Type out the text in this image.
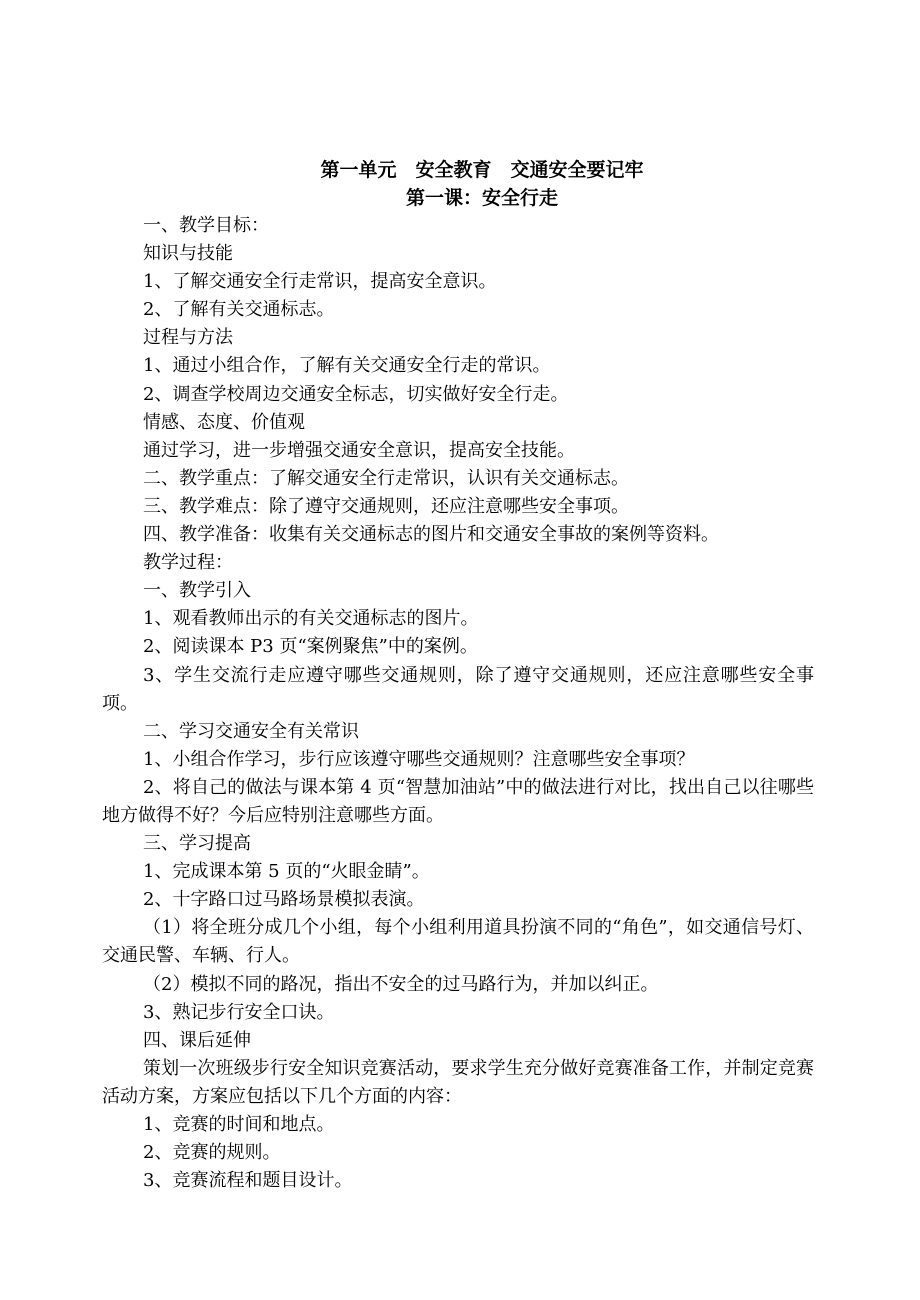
第一单元　安全教育　交通安全要记牢
第一课：安全行走

一、教学目标：

知识与技能

1、了解交通安全行走常识，提高安全意识。

2、了解有关交通标志。

过程与方法

1、通过小组合作，了解有关交通安全行走的常识。

2、调查学校周边交通安全标志，切实做好安全行走。

情感、态度、价值观

通过学习，进一步增强交通安全意识，提高安全技能。

二、教学重点：了解交通安全行走常识，认识有关交通标志。

三、教学难点：除了遵守交通规则，还应注意哪些安全事项。

四、教学准备：收集有关交通标志的图片和交通安全事故的案例等资料。

教学过程：

一、教学引入

1、观看教师出示的有关交通标志的图片。

2、阅读课本 P3 页“案例聚焦”中的案例。

3、学生交流行走应遵守哪些交通规则，除了遵守交通规则，还应注意哪些安全事项。

二、学习交通安全有关常识

1、小组合作学习，步行应该遵守哪些交通规则？注意哪些安全事项？

2、将自己的做法与课本第 4 页“智慧加油站”中的做法进行对比，找出自己以往哪些地方做得不好？今后应特别注意哪些方面。

三、学习提高

1、完成课本第 5 页的“火眼金睛”。

2、十字路口过马路场景模拟表演。

（1）将全班分成几个小组，每个小组利用道具扮演不同的“角色”，如交通信号灯、交通民警、车辆、行人。

（2）模拟不同的路况，指出不安全的过马路行为，并加以纠正。

3、熟记步行安全口诀。

四、课后延伸

策划一次班级步行安全知识竞赛活动，要求学生充分做好竞赛准备工作，并制定竞赛活动方案，方案应包括以下几个方面的内容：

1、竞赛的时间和地点。

2、竞赛的规则。

3、竞赛流程和题目设计。
